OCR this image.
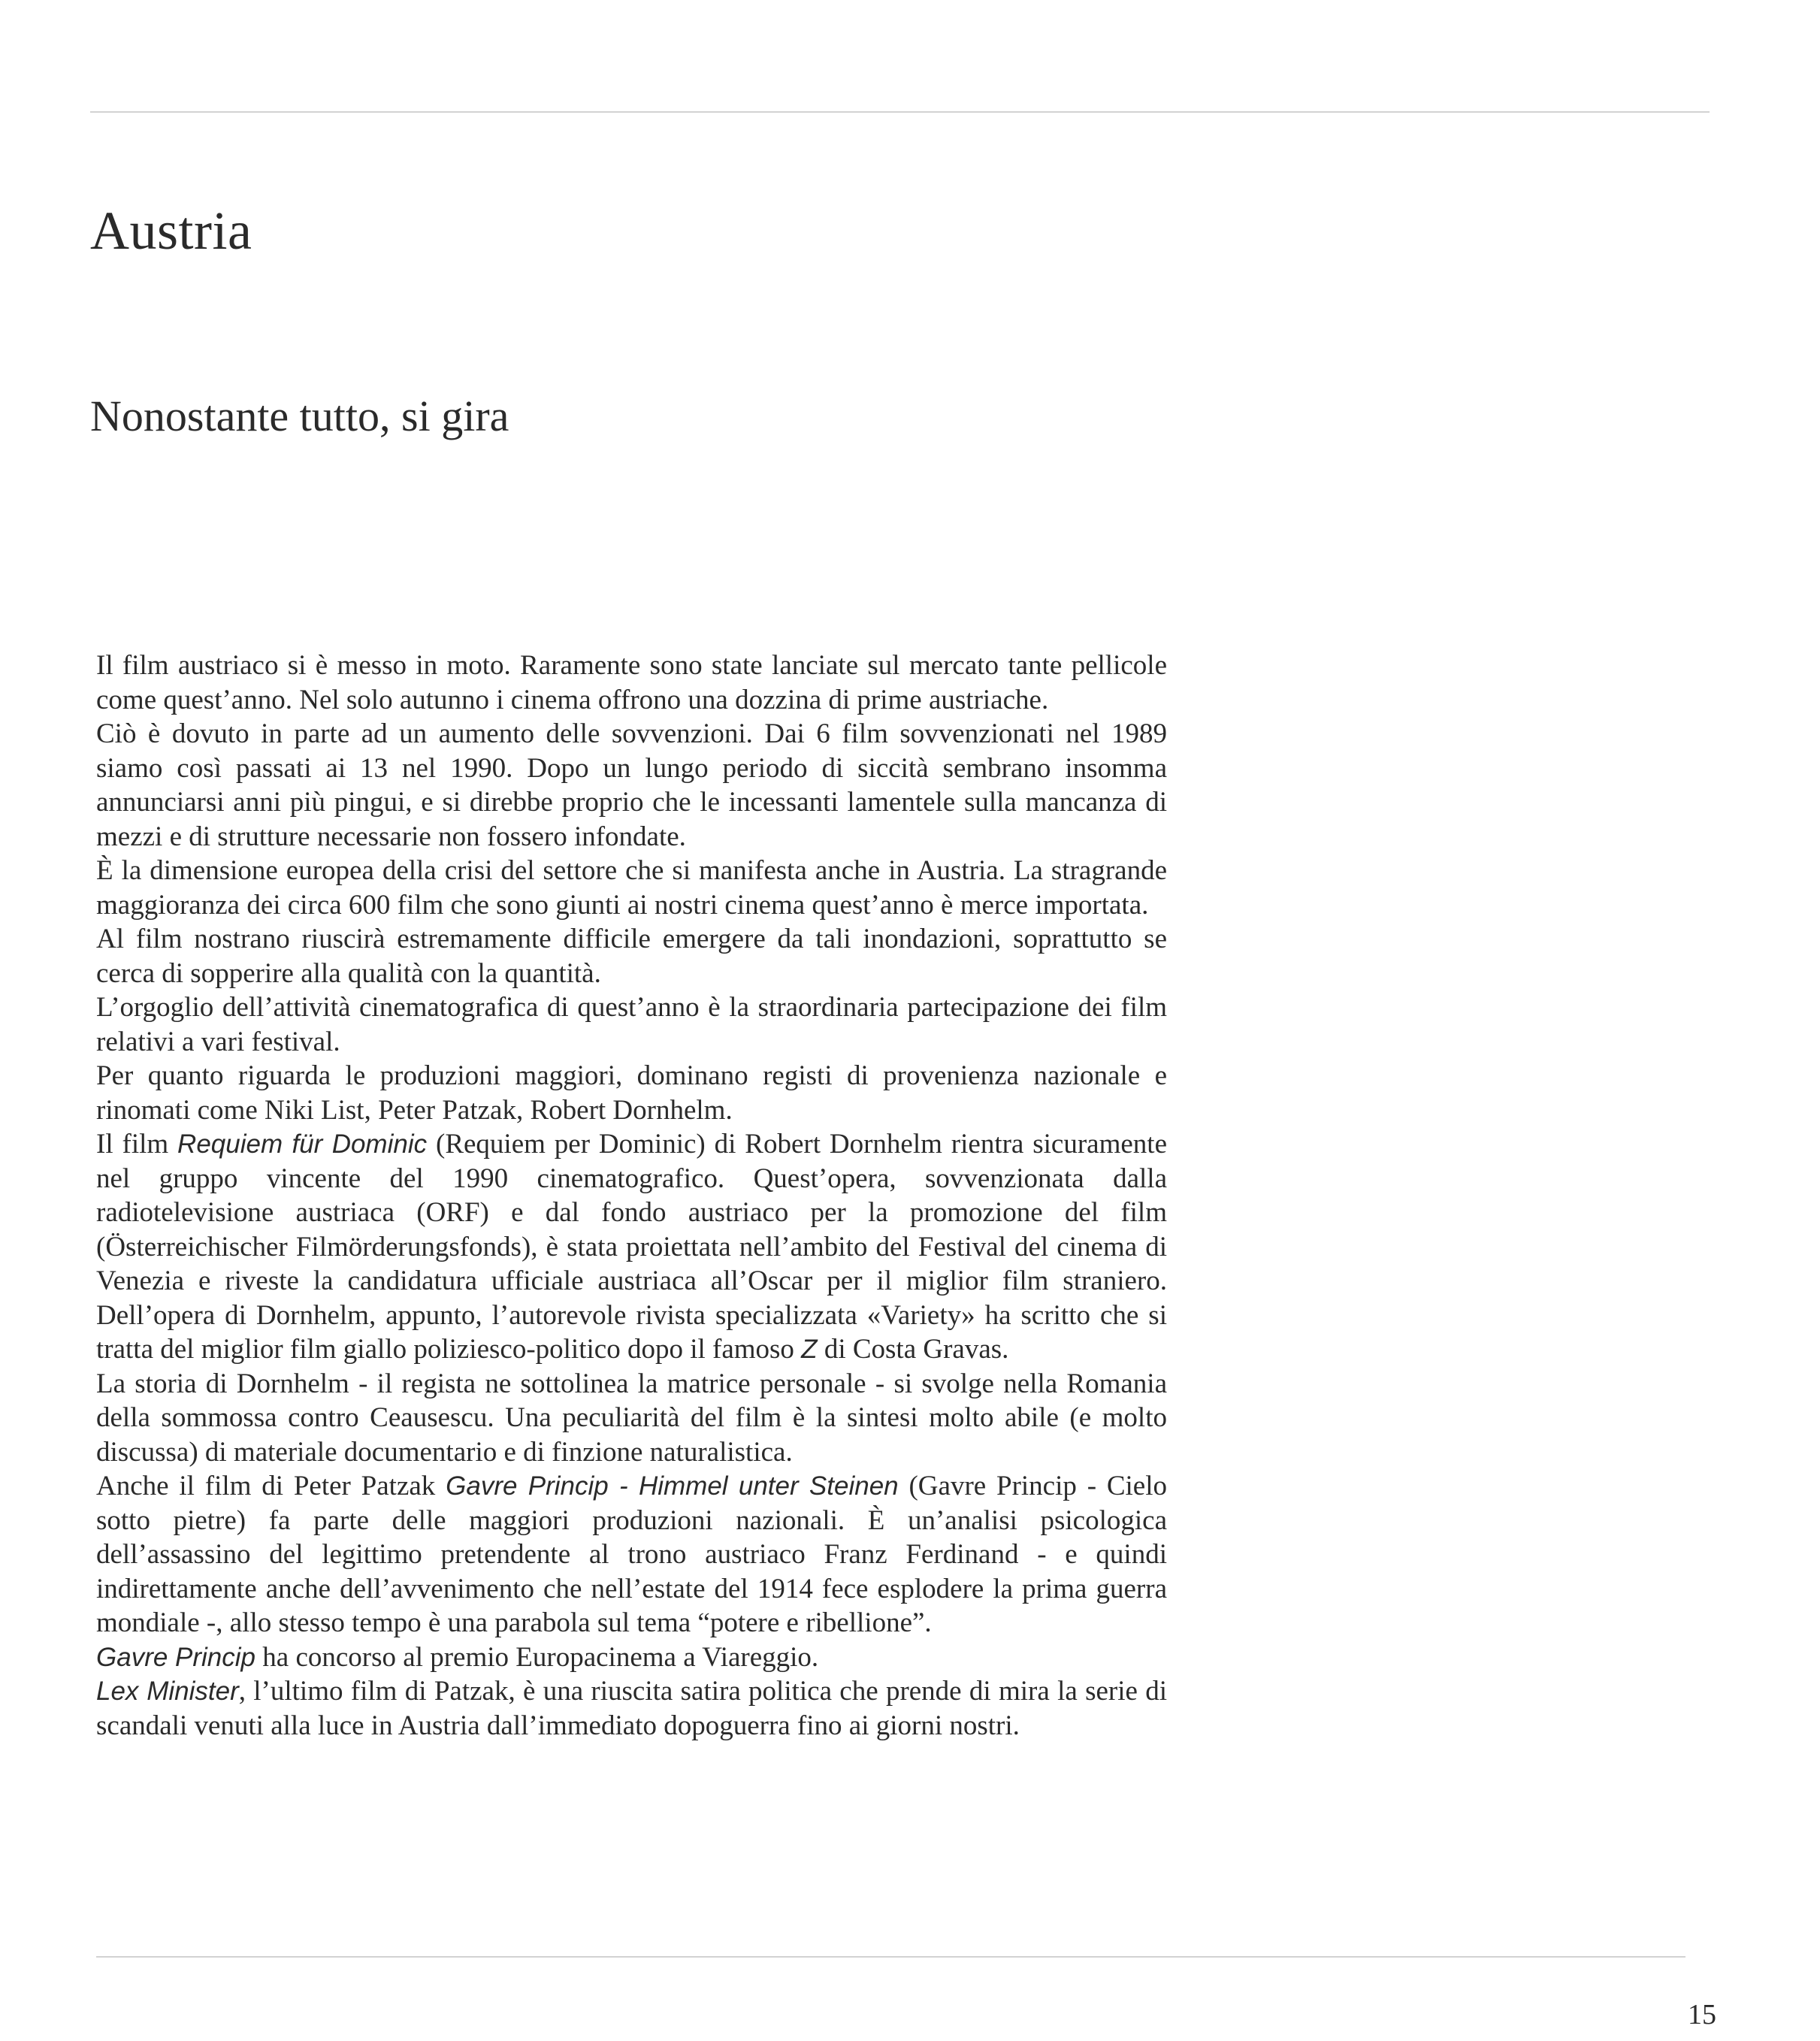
Austria
Nonostante tutto, si gira

Il film austriaco si è messo in moto. Raramente sono state lanciate sul mercato tante pellicole come quest’anno. Nel solo autunno i cinema offrono una dozzina di prime austriache.

Ciò è dovuto in parte ad un aumento delle sovvenzioni. Dai 6 film sovvenzionati nel 1989 siamo così passati ai 13 nel 1990. Dopo un lungo periodo di siccità sembrano insomma annunciarsi anni più pingui, e si direbbe proprio che le incessanti lamentele sulla mancanza di mezzi e di strutture necessarie non fossero infondate.

È la dimensione europea della crisi del settore che si manifesta anche in Austria. La stragrande maggioranza dei circa 600 film che sono giunti ai nostri cinema quest’anno è merce importata.

Al film nostrano riuscirà estremamente difficile emergere da tali inondazioni, soprattutto se cerca di sopperire alla qualità con la quantità.

L’orgoglio dell’attività cinematografica di quest’anno è la straordinaria partecipazione dei film relativi a vari festival.

Per quanto riguarda le produzioni maggiori, dominano registi di provenienza nazionale e rinomati come Niki List, Peter Patzak, Robert Dornhelm.

Il film Requiem für Dominic (Requiem per Dominic) di Robert Dornhelm rientra sicuramente nel gruppo vincente del 1990 cinematografico. Quest’opera, sovvenzionata dalla radiotelevisione austriaca (ORF) e dal fondo austriaco per la promozione del film (Österreichischer Filmörderungsfonds), è stata proiettata nell’ambito del Festival del cinema di Venezia e riveste la candidatura ufficiale austriaca all’Oscar per il miglior film straniero. Dell’opera di Dornhelm, appunto, l’autorevole rivista specializzata «Variety» ha scritto che si tratta del miglior film giallo poliziesco-politico dopo il famoso Z di Costa Gravas.

La storia di Dornhelm - il regista ne sottolinea la matrice personale - si svolge nella Romania della sommossa contro Ceausescu. Una peculiarità del film è la sintesi molto abile (e molto discussa) di materiale documentario e di finzione naturalistica.

Anche il film di Peter Patzak Gavre Princip - Himmel unter Steinen (Gavre Princip - Cielo sotto pietre) fa parte delle maggiori produzioni nazionali. È un’analisi psicologica dell’assassino del legittimo pretendente al trono austriaco Franz Ferdinand - e quindi indirettamente anche dell’avvenimento che nell’estate del 1914 fece esplodere la prima guerra mondiale -, allo stesso tempo è una parabola sul tema “potere e ribellione”.

Gavre Princip ha concorso al premio Europacinema a Viareggio.

Lex Minister, l’ultimo film di Patzak, è una riuscita satira politica che prende di mira la serie di scandali venuti alla luce in Austria dall’immediato dopoguerra fino ai giorni nostri.

15
